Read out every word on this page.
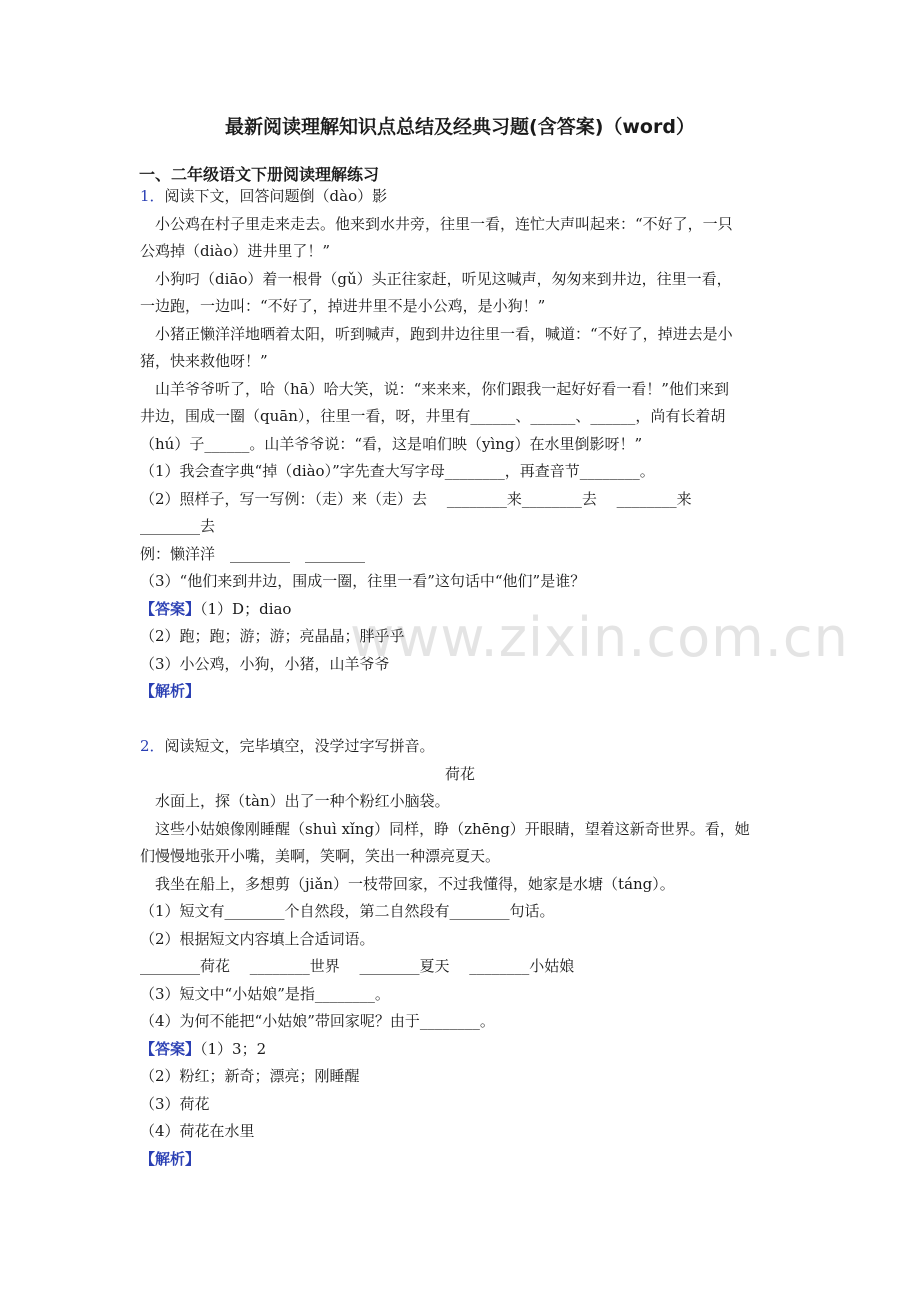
最新阅读理解知识点总结及经典习题(含答案)（word）
一、二年级语文下册阅读理解练习
www.zixin.com.cn
1．阅读下文，回答问题倒（dào）影
小公鸡在村子里走来走去。他来到水井旁，往里一看，连忙大声叫起来：“不好了，一只
公鸡掉（diào）进井里了！”
小狗叼（diāo）着一根骨（gǔ）头正往家赶，听见这喊声，匆匆来到井边，往里一看，
一边跑，一边叫：“不好了，掉进井里不是小公鸡，是小狗！”
小猪正懒洋洋地晒着太阳，听到喊声，跑到井边往里一看，喊道：“不好了，掉进去是小
猪，快来救他呀！”
山羊爷爷听了，哈（hā）哈大笑，说：“来来来，你们跟我一起好好看一看！”他们来到
井边，围成一圈（quān），往里一看，呀，井里有______、______、______，尚有长着胡
（hú）子______。山羊爷爷说：“看，这是咱们映（yìng）在水里倒影呀！”
（1）我会查字典“掉（diào）”字先查大写字母________，再查音节________。
（2）照样子，写一写例：（走）来（走）去　 ________来________去　 ________来
________去
例：懒洋洋　________　________
（3）“他们来到井边，围成一圈，往里一看”这句话中“他们”是谁？
【答案】（1）D；diao
（2）跑；跑；游；游；亮晶晶；胖乎乎
（3）小公鸡，小狗，小猪，山羊爷爷
【解析】
2．阅读短文，完毕填空，没学过字写拼音。
荷花
水面上，探（tàn）出了一种个粉红小脑袋。
这些小姑娘像刚睡醒（shuì xǐng）同样，睁（zhēng）开眼睛，望着这新奇世界。看，她
们慢慢地张开小嘴，美啊，笑啊，笑出一种漂亮夏天。
我坐在船上，多想剪（jiǎn）一枝带回家，不过我懂得，她家是水塘（táng）。
（1）短文有________个自然段，第二自然段有________句话。
（2）根据短文内容填上合适词语。
________荷花　 ________世界　 ________夏天　 ________小姑娘
（3）短文中“小姑娘”是指________。
（4）为何不能把“小姑娘”带回家呢？由于________。
【答案】（1）3；2
（2）粉红；新奇；漂亮；刚睡醒
（3）荷花
（4）荷花在水里
【解析】
